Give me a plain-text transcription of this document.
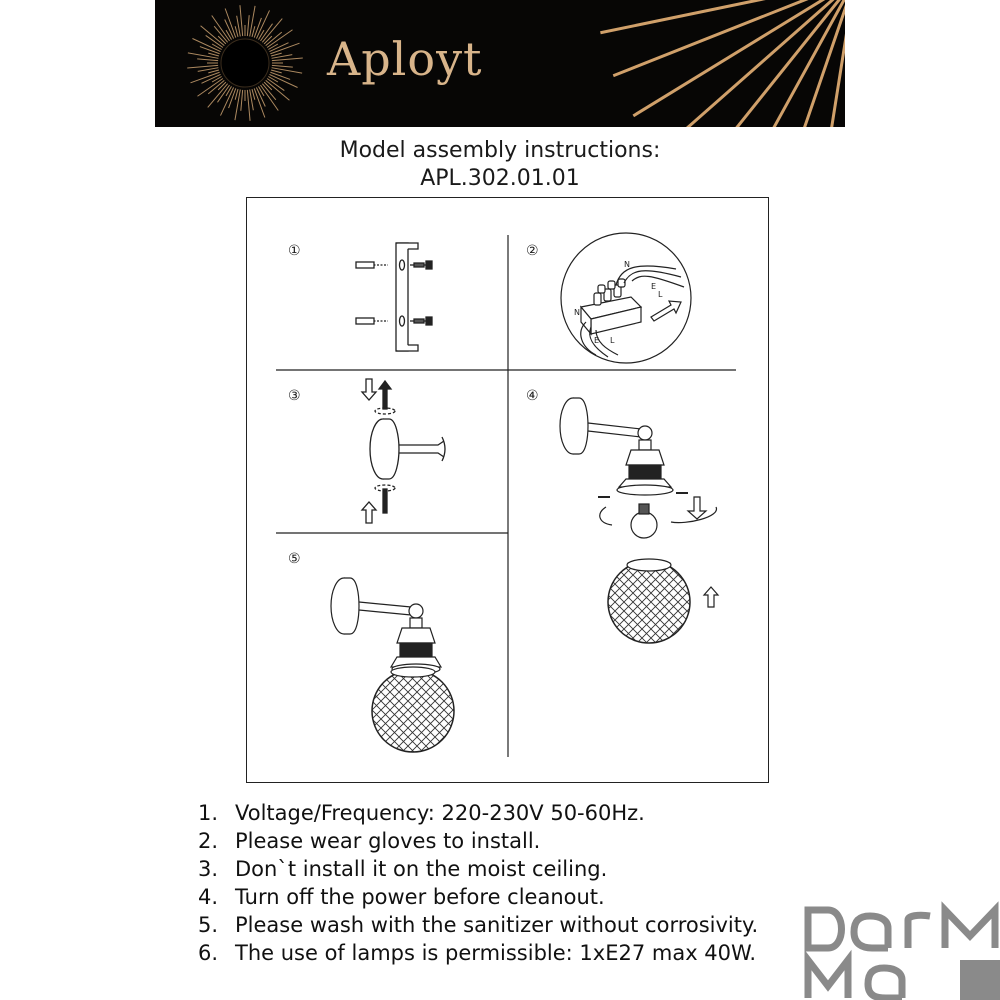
Aployt
Model assembly instructions:
APL.302.01.01
①	②
③	④
⑤
N
E
L
N
E L
1. Voltage/Frequency: 220-230V 50-60Hz.
2. Please wear gloves to install.
3. Don`t install it on the moist ceiling.
4. Turn off the power before cleanout.
5. Please wash with the sanitizer without corrosivity.
6. The use of lamps is permissible: 1xE27 max 40W.
DarMa
